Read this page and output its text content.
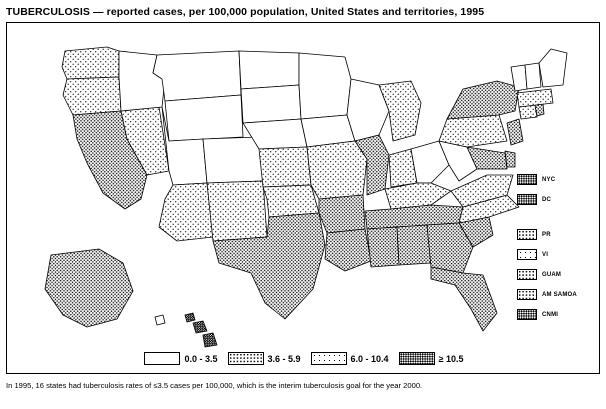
TUBERCULOSIS — reported cases, per 100,000 population, United States and territories, 1995
NYC
DC
PR
VI
GUAM
AM SAMOA
CNMI
0.0 - 3.5	3.6 - 5.9	6.0 - 10.4	≥ 10.5
In 1995, 16 states had tuberculosis rates of ≤3.5 cases per 100,000, which is the interim tuberculosis goal for the year 2000.
